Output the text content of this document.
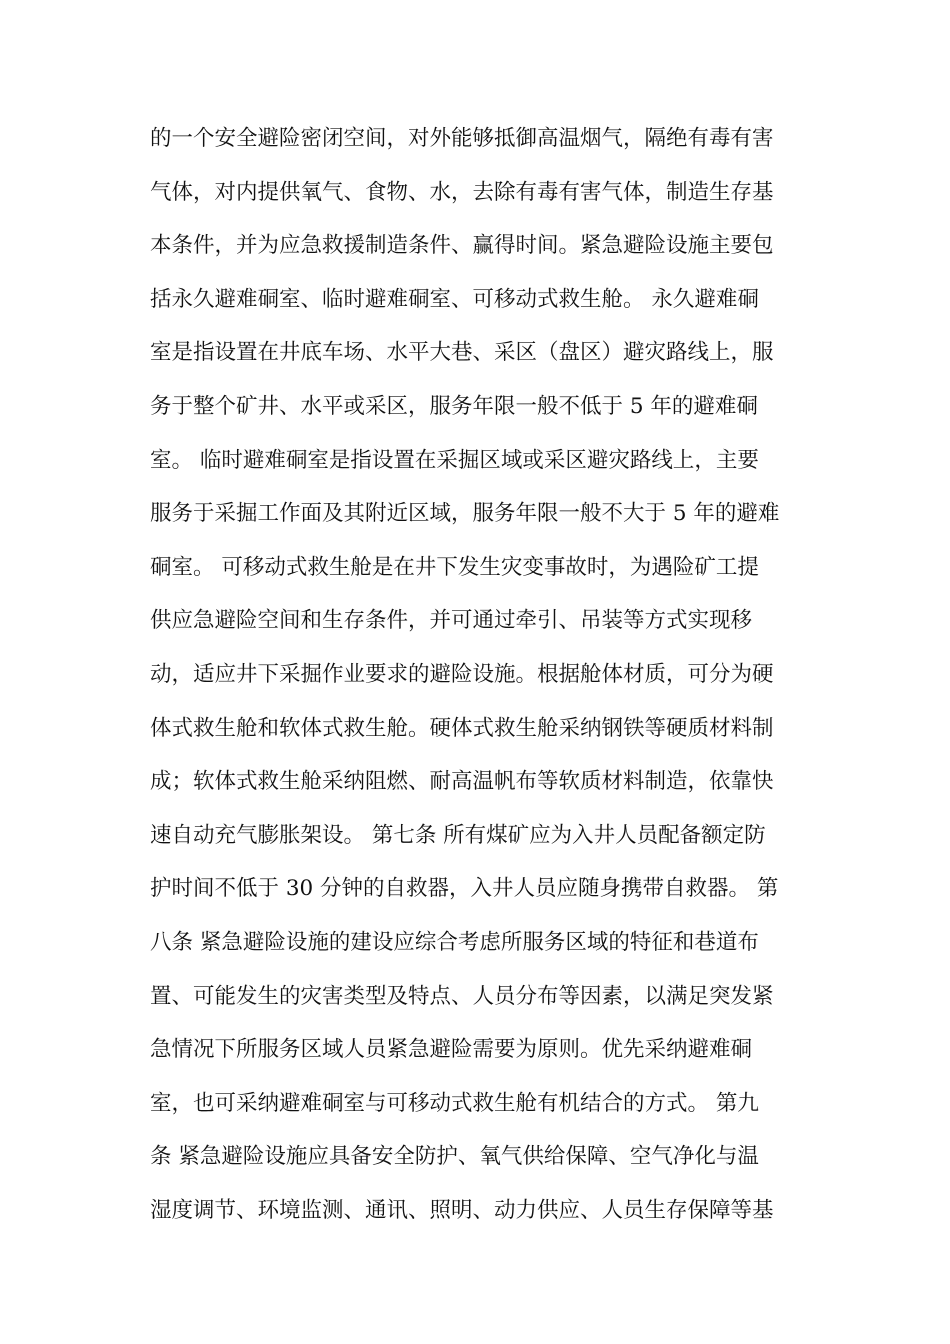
的一个安全避险密闭空间，对外能够抵御高温烟气，隔绝有毒有害
气体，对内提供氧气、食物、水，去除有毒有害气体，制造生存基
本条件，并为应急救援制造条件、赢得时间。紧急避险设施主要包
括永久避难硐室、临时避难硐室、可移动式救生舱。 永久避难硐
室是指设置在井底车场、水平大巷、采区（盘区）避灾路线上，服
务于整个矿井、水平或采区，服务年限一般不低于 5 年的避难硐
室。 临时避难硐室是指设置在采掘区域或采区避灾路线上，主要
服务于采掘工作面及其附近区域，服务年限一般不大于 5 年的避难
硐室。 可移动式救生舱是在井下发生灾变事故时，为遇险矿工提
供应急避险空间和生存条件，并可通过牵引、吊装等方式实现移
动，适应井下采掘作业要求的避险设施。根据舱体材质，可分为硬
体式救生舱和软体式救生舱。硬体式救生舱采纳钢铁等硬质材料制
成；软体式救生舱采纳阻燃、耐高温帆布等软质材料制造，依靠快
速自动充气膨胀架设。 第七条 所有煤矿应为入井人员配备额定防
护时间不低于 30 分钟的自救器，入井人员应随身携带自救器。 第
八条 紧急避险设施的建设应综合考虑所服务区域的特征和巷道布
置、可能发生的灾害类型及特点、人员分布等因素，以满足突发紧
急情况下所服务区域人员紧急避险需要为原则。优先采纳避难硐
室，也可采纳避难硐室与可移动式救生舱有机结合的方式。 第九
条 紧急避险设施应具备安全防护、氧气供给保障、空气净化与温
湿度调节、环境监测、通讯、照明、动力供应、人员生存保障等基
